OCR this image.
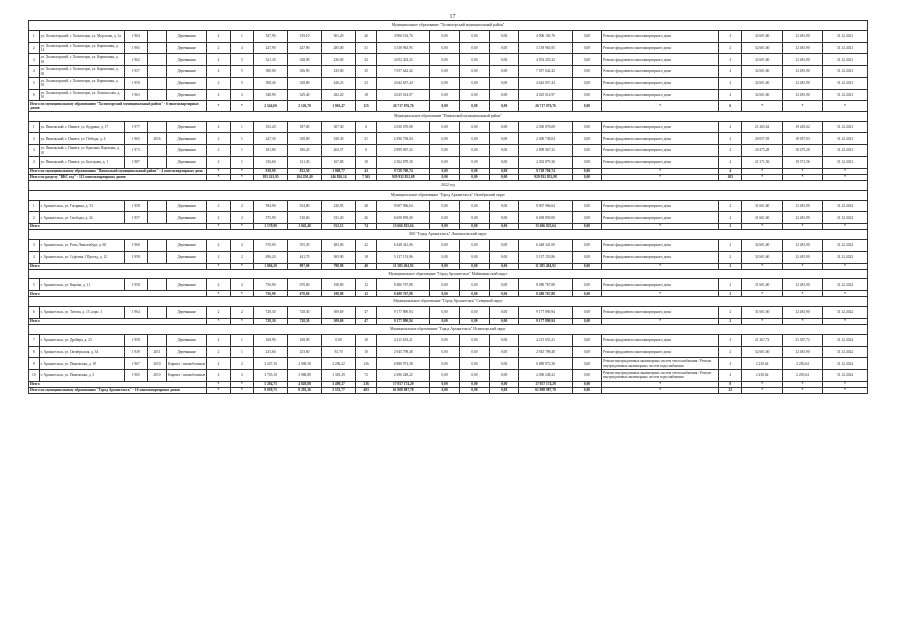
17
Муниципальное образование "Холмогорский муниципальный район"																					
1	ул. Холмогорский, г. Холмогоры, ул. Морозова, д. 1а	1 964		Деревянные	2	1	547,90	159,10	501,20	26	4 906 102,76	0,00	0,00	0,00	4 906 102,76	0,00	Ремонт фундамента многоквартирного дома	2	32 601,60	12 481,90	31.12.2021
2	ул. Холмогорский, г. Холмогоры, ул. Кирпичная, д. 14	1 965		Деревянные	2	4	247,90	247,90	285,00	31	3 158 963,95	0,00	0,00	0,00	3 158 963,95	0,00	Ремонт фундамента многоквартирного дома	2	32 601,60	12 481,90	31.12.2021
3	ул. Холмогорский, г. Холмогоры, ул. Кирпичная, д. 16	1 962		Деревянные	2	5	321,30	328,90	236,00	32	4 052 433,32	0,00	0,00	0,00	4 052 433,32	0,00	Ремонт фундамента многоквартирного дома	2	32 601,60	12 481,90	31.12.2021
4	ул. Холмогорский, г. Холмогоры, ул. Кирпичная, д. 30	1 957		Деревянные	2	5	580,00	356,90	235,00	35	7 057 642,42	0,00	0,00	0,00	7 057 642,42	0,00	Ремонт фундамента многоквартирного дома	2	32 601,60	12 481,90	31.12.2021
5	ул. Холмогорский, г. Холмогоры, ул. Кирпичная, д. 35	1 959		Деревянные	2	5	508,40	328,80	426,25	23	4 642 657,44	0,00	0,00	0,00	4 642 657,44	0,00	Ремонт фундамента многоквартирного дома	2	32 601,60	12 481,90	31.12.2021
6	ул. Холмогорский, г. Холмогоры, ул. Ломоносова, д. 10	1 963		Деревянные	2	2	348,90	329,40	282,20	18	4 025 014,97	0,00	0,00	0,00	4 025 014,97	0,00	Ремонт фундамента многоквартирного дома	2	32 601,60	12 481,90	31.12.2021
Итого по муниципальному образованию "Холмогорский муниципальный район" - 6 многоквартирных домов					*	*	2 544,60	2 126,70	1 963,47	115	26 717 076,76	0,00	0,00	0,00	26 717 076,76	0,00	*	6	*	*	*
Муниципальное образование "Пинежский муниципальный район"																					
1	ул. Пинежский, г. Пинега, ул. Кудрина, д. 17	1 977		Деревянные	2	1	333,20	187,00	307,30	6	2 030 076,08	0,00	0,00	0,00	2 030 076,08	0,00	Ремонт фундамента многоквартирного дома	2	21 265,62	19 265,62	31.12.2021
2	ул. Пинежский, г. Пинега, ул. Победы, д. 4	1 965	2016	Деревянные	2	1	247,30	338,00	330,30	21	2 496 738,04	0,00	0,00	0,00	2 496 738,04	0,00	Ремонт фундамента многоквартирного дома	2	20 057,03	18 057,03	31.12.2021
3	ул. Пинежский, г. Пинега, ул. Красных Партизан, д. 10	1 973		Деревянные	2	1	181,80	186,20	263,37	6	2 899 067,32	0,00	0,00	0,00	2 899 067,32	0,00	Ремонт фундамента многоквартирного дома	2	20 475,28	18 475,28	31.12.2021
4	ул. Пинежский, г. Пинега, ул. Быстрова, д. 1	1 987		Деревянные	2	1	156,60	121,30	167,80	10	2 302 879,30	0,00	0,00	0,00	2 302 879,30	0,00	Ремонт фундамента многоквартирного дома	2	21 371,56	19 371,56	31.12.2021
Итого по муниципальному образованию "Пинежский муниципальный район" - 4 многоквартирных дома					*	*	918,90	832,50	1 068,77	43	9 728 760,74	0,00	0,00	0,00	9 728 760,74	0,00	*	4	*	*	*
Итого по разделу "ВКС год" - 112 многоквартирных домов					*	*	185 241,95	164 250,40	146 826,14	7 565	929 932 852,08	0,00	0,00	0,00	929 932 852,08	0,00	*	203	*	*	*
2022 год																					
Муниципальное образование "Город Архангельск" Октябрьский округ																					
1	г. Архангельск, ул. Гагарина, д. 53	1 958		Деревянные	2	2	594,90	534,80	220,95	48	9 007 966,64	0,00	0,00	0,00	9 007 966,64	0,00	Ремонт фундамента многоквартирного дома	2	31 601,60	12 481,90	31.12.2022
2	г. Архангельск, ул. Свободы, д. 34	1 957		Деревянные	2	2	575,90	510,60	331,20	26	6 658 859,00	0,00	0,00	0,00	6 658 859,00	0,00	Ремонт фундамента многоквартирного дома	2	31 601,60	12 481,90	31.12.2022
Итого					*	*	1 170,90	1 045,40	552,15	74	15 666 825,64	0,00	0,00	0,00	15 666 825,64	0,00	*	2	*	*	*
МО "Город Архангельск" Ломоносовский округ																					
3	г. Архангельск, ул. Розы Люксембург, д. 60	1 960		Деревянные	2	2	570,00	555,30	483,00	22	6 448 341,06	0,00	0,00	0,00	6 448 341,06	0,00	Ремонт фундамента многоквартирного дома	2	32 601,60	12 481,90	31.12.2022
4	г. Архангельск, ул. Суфтина 1 Проезд, д. 12	1 958		Деревянные	2	2	496,20	441,70	365,90	18	5 137 153,86	0,00	0,00	0,00	5 137 153,86	0,00	Ремонт фундамента многоквартирного дома	2	32 601,60	12 481,90	31.12.2022
Итого					*	*	1 066,20	997,00	798,90	40	11 585 494,92	0,00	0,00	0,00	11 585 494,92	0,00	*	2	*	*	*
Муниципальное образование "Город Архангельск" Майманаксский округ																					
5	г. Архангельск, ул. Кирова, д. 11	1 958		Деревянные	2	2	756,90	670,60	198,80	12	8 480 767,88	0,00	0,00	0,00	8 480 767,88	0,00	Ремонт фундамента многоквартирного дома	2	31 601,60	12 481,90	31.12.2022
Итого					*	*	756,90	670,60	198,80	12	8 480 767,88	0,00	0,00	0,00	8 480 767,88	0,00	*	2	*	*	*
Муниципальное образование "Город Архангельск" Северный округ																					
6	г. Архангельск, ул. Титова, д. 15, корп. 1	1 964		Деревянные	2	2	728,30	728,30	509,69	47	9 177 890,94	0,00	0,00	0,00	9 177 890,94	0,00	Ремонт фундамента многоквартирного дома	2	31 601,60	12 481,90	31.12.2022
Итого					*	*	728,30	728,30	509,69	47	9 177 890,94	0,00	0,00	0,00	9 177 890,94	0,00	*	2	*	*	*
Муниципальное образование "Город Архангельск" Исакогорский округ																					
7	г. Архангельск, ул. Дрейера, д. 23	1 958		Деревянные	2	1	168,90	168,90	0,00	10	4 215 653,21	0,00	0,00	0,00	4 215 653,21	0,00	Ремонт фундамента многоквартирного дома	2	21 367,72	21 367,72	31.12.2022
8	г. Архангельск, ул. Октябрьская, д. 34	1 949	2011	Деревянные	2	1	233,60	233,60	92,70	10	2 945 798,48	0,00	0,00	0,00	2 945 798,48	0,00	Ремонт фундамента многоквартирного дома	2	32 601,60	12 481,90	31.12.2022
9	г. Архангельск, ул. Пинежская, д. 19	1 967	2010	Кирпич / шлакоблочные	2	2	3 247,10	2 948,38	2 206,22	126	6 880 972,38	0,00	0,00	0,00	6 880 972,38	0,00	Ремонт внутридомовых инженерных систем теплоснабжения / Ремонт внутридомовых инженерных систем водоснабжения	2	2 230,64	2 230,64	31.12.2022
10	г. Архангельск, ул. Пинежская, д. 5	1 965	2010	Кирпич / шлакоблочные	2	2	3 703,10	3 086,88	1 381,29	72	2 496 248,22	0,00	0,00	0,00	2 496 248,22	0,00	Ремонт внутридомовых инженерных систем теплоснабжения / Ремонт внутридомовых инженерных систем водоснабжения	2	2 230,64	2 230,64	31.12.2022
Итого					*	*	5 294,75	4 828,88	3 499,27	236	17 057 174,29	0,00	0,00	0,00	17 057 174,29	0,00	*	8	*	*	*
Итого по муниципальному образованию "Город Архангельск" - 10 многоквартирных домов					*	*	9 059,75	8 293,36	5 553,77	403	61 908 987,78	0,00	0,00	0,00	61 908 987,78	0,00	*	22	*	*	*
